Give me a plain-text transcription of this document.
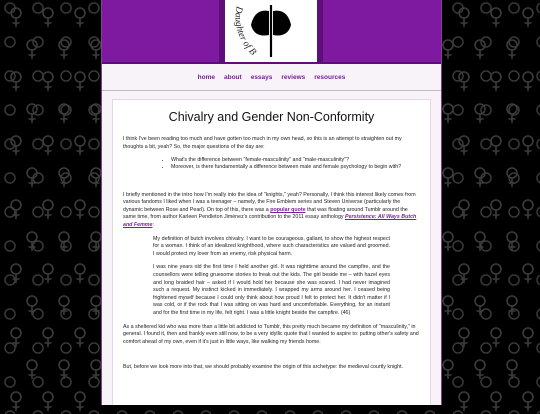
Daughter of B
home about essays reviews resources
Chivalry and Gender Non-Conformity

I think I've been reading too much and have gotten too much in my own head, so this is an attempt to straighten out my thoughts a bit, yeah? So, the major questions of the day are:

• What's the difference between "female-masculinity" and "male-masculinity"?
• Moreover, is there fundamentally a difference between male and female psychology to begin with?

I briefly mentioned in the intro how I'm really into the idea of "knights," yeah? Personally, I think this interest likely comes from various fandoms I liked when I was a teenager – namely, the Fire Emblem series and Steven Universe (particularly the dynamic between Rose and Pearl). On top of this, there was a popular quote that was floating around Tumblr around the same time, from author Karleen Pendleton Jiménez's contribution to the 2011 essay anthology Persistence: All Ways Butch and Femme:

My definition of butch involves chivalry. I want to be courageous, gallant, to show the highest respect for a woman. I think of an idealized knighthood, where such characteristics are valued and groomed. I would protect my lover from an enemy, risk physical harm.

I was nine years old the first time I held another girl. It was nighttime around the campfire, and the counsellors were telling gruesome stories to freak out the kids. The girl beside me – with hazel eyes and long braided hair – asked if I would hold her because she was scared. I had never imagined such a request. My instinct kicked in immediately. I wrapped my arms around her. I ceased being frightened myself because I could only think about how proud I felt to protect her. It didn't matter if I was cold, or if the rock that I was sitting on was hard and uncomfortable. Everything, for an instant and for the first time in my life, felt right. I was a little knight beside the campfire. (46)

As a sheltered kid who was more than a little bit addicted to Tumblr, this pretty much became my definition of "masculinity," in general. I found it, then and frankly even still now, to be a very idyllic quote that I wanted to aspire to: putting other's safety and comfort ahead of my own, even if it's just in little ways, like walking my friends home.

But, before we look more into that, we should probably examine the origin of this archetype: the medieval courtly knight.
